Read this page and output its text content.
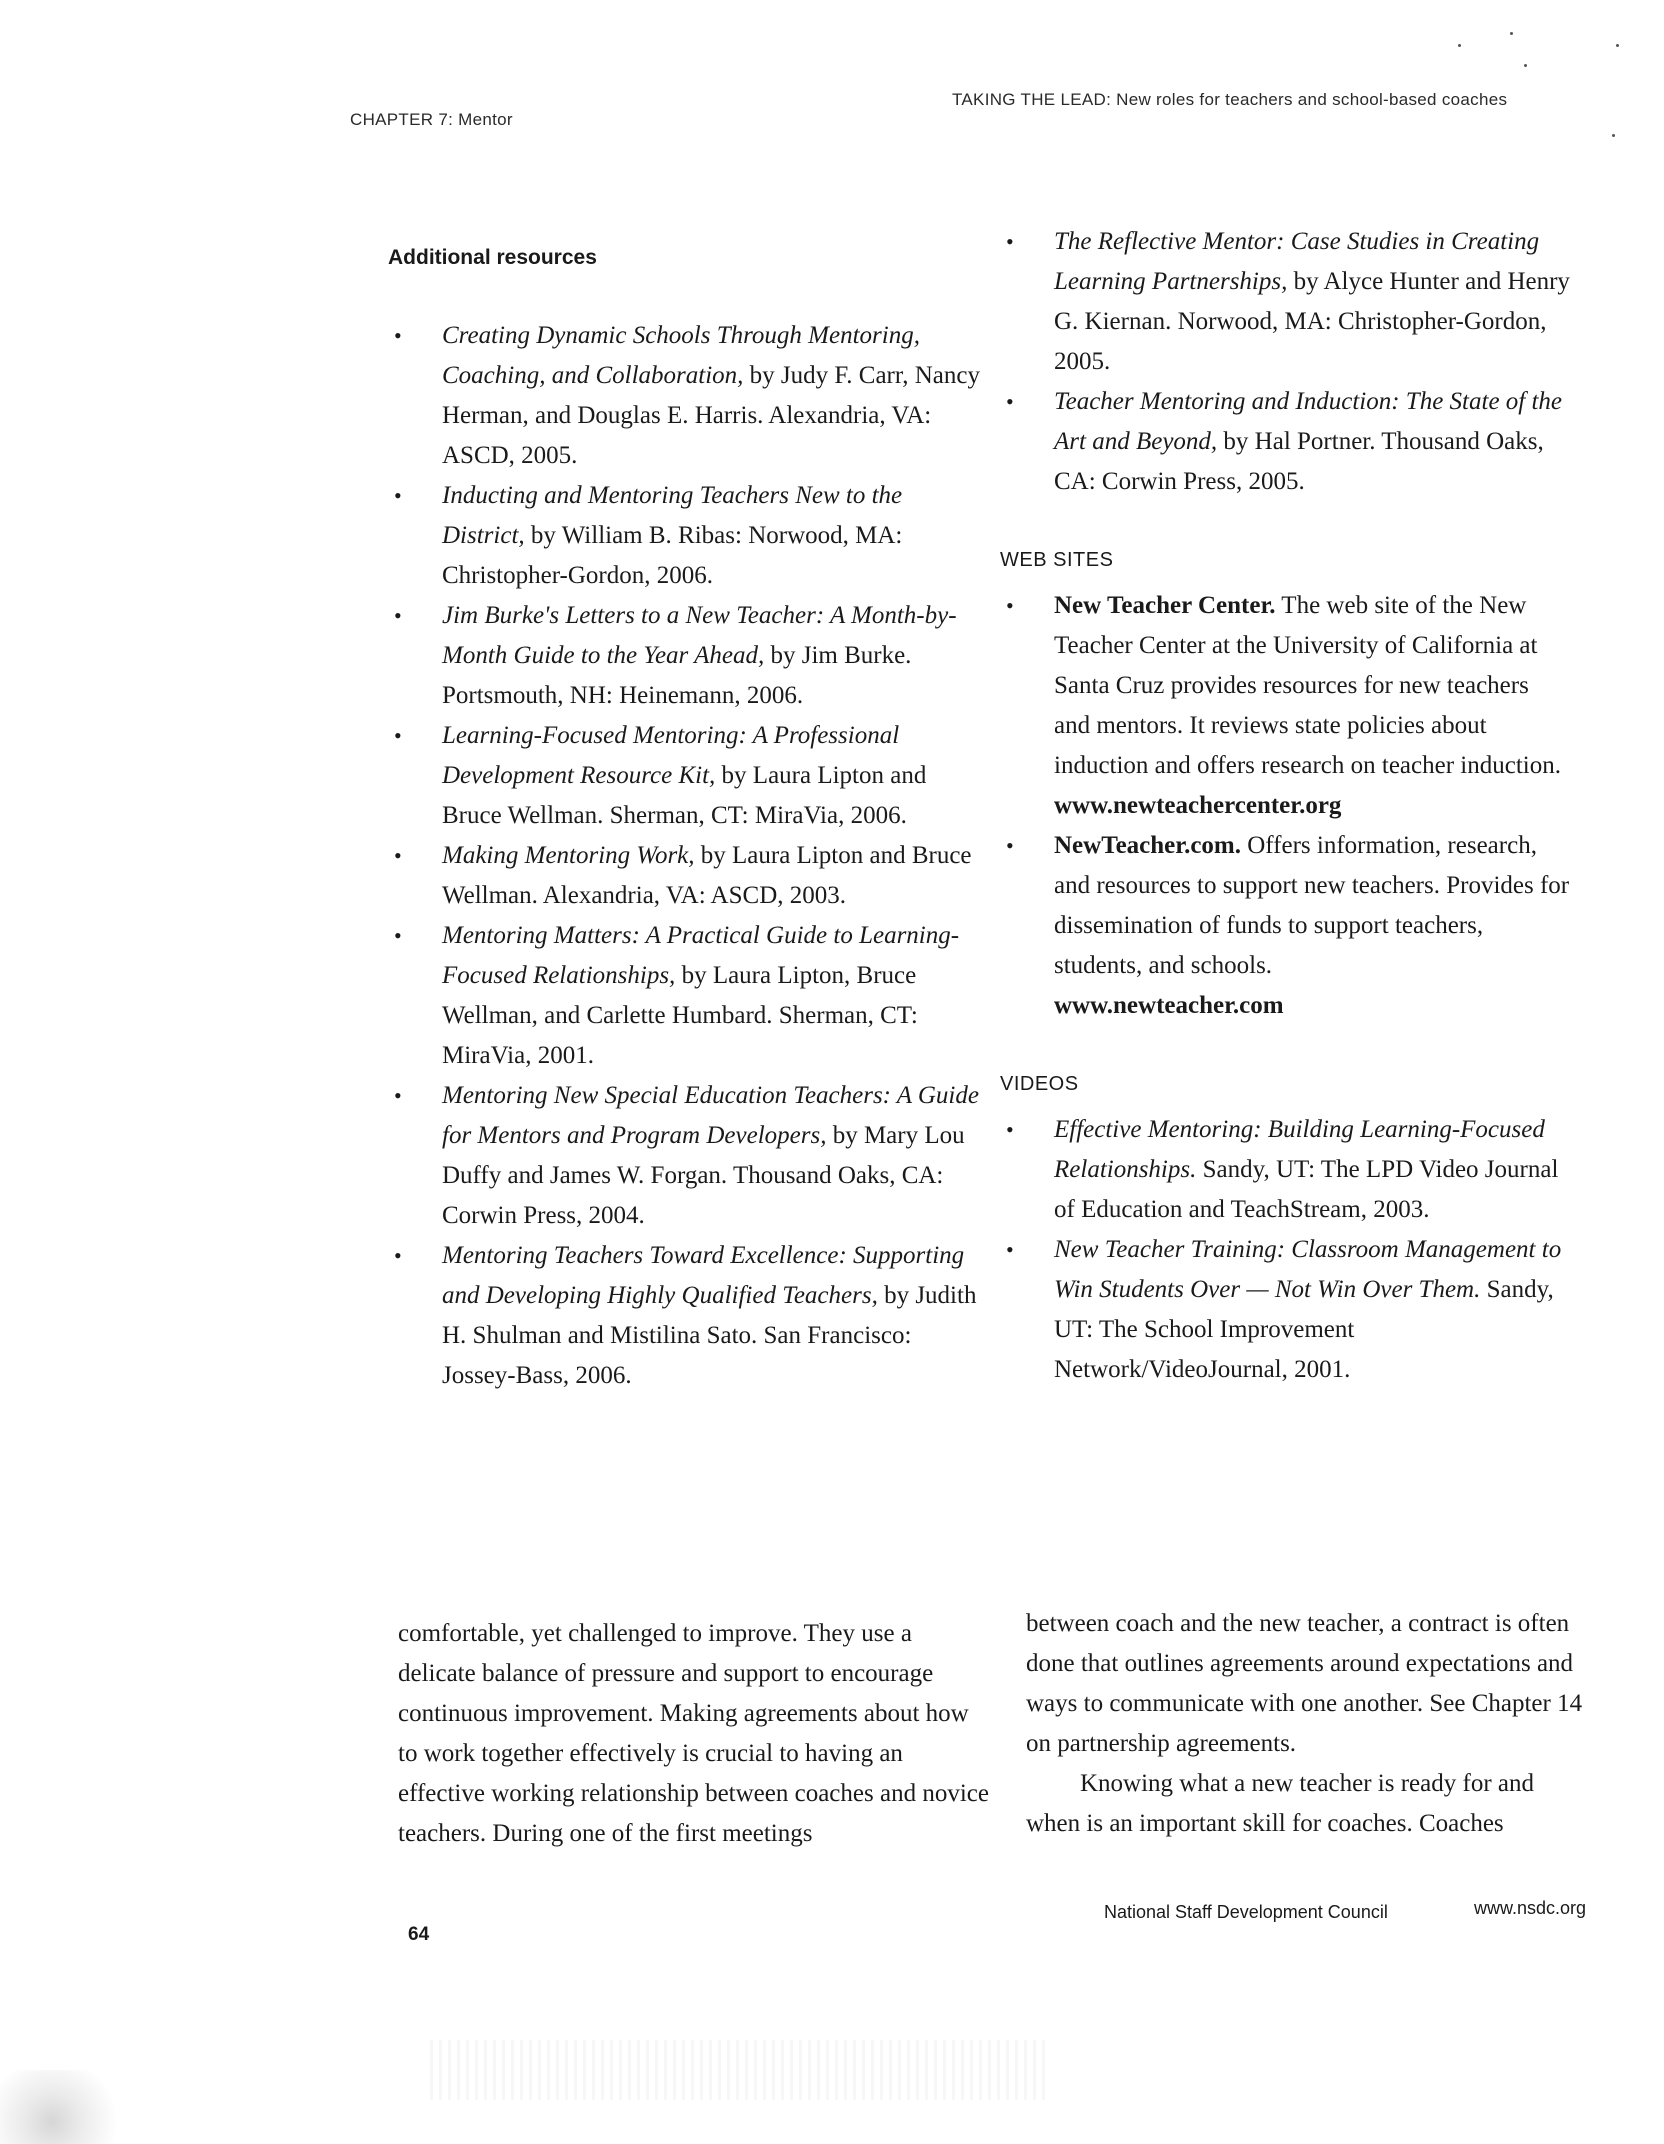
CHAPTER 7: Mentor
TAKING THE LEAD: New roles for teachers and school-based coaches
Additional resources
• Creating Dynamic Schools Through Mentoring, Coaching, and Collaboration, by Judy F. Carr, Nancy Herman, and Douglas E. Harris. Alexandria, VA: ASCD, 2005.
• Inducting and Mentoring Teachers New to the District, by William B. Ribas: Norwood, MA: Christopher-Gordon, 2006.
• Jim Burke's Letters to a New Teacher: A Month-by-Month Guide to the Year Ahead, by Jim Burke. Portsmouth, NH: Heinemann, 2006.
• Learning-Focused Mentoring: A Professional Development Resource Kit, by Laura Lipton and Bruce Wellman. Sherman, CT: MiraVia, 2006.
• Making Mentoring Work, by Laura Lipton and Bruce Wellman. Alexandria, VA: ASCD, 2003.
• Mentoring Matters: A Practical Guide to Learning-Focused Relationships, by Laura Lipton, Bruce Wellman, and Carlette Humbard. Sherman, CT: MiraVia, 2001.
• Mentoring New Special Education Teachers: A Guide for Mentors and Program Developers, by Mary Lou Duffy and James W. Forgan. Thousand Oaks, CA: Corwin Press, 2004.
• Mentoring Teachers Toward Excellence: Supporting and Developing Highly Qualified Teachers, by Judith H. Shulman and Mistilina Sato. San Francisco: Jossey-Bass, 2006.
• The Reflective Mentor: Case Studies in Creating Learning Partnerships, by Alyce Hunter and Henry G. Kiernan. Norwood, MA: Christopher-Gordon, 2005.
• Teacher Mentoring and Induction: The State of the Art and Beyond, by Hal Portner. Thousand Oaks, CA: Corwin Press, 2005.
WEB SITES
• New Teacher Center. The web site of the New Teacher Center at the University of California at Santa Cruz provides resources for new teachers and mentors. It reviews state policies about induction and offers research on teacher induction.
www.newteachercenter.org
• NewTeacher.com. Offers information, research, and resources to support new teachers. Provides for dissemination of funds to support teachers, students, and schools.
www.newteacher.com
VIDEOS
• Effective Mentoring: Building Learning-Focused Relationships. Sandy, UT: The LPD Video Journal of Education and TeachStream, 2003.
• New Teacher Training: Classroom Management to Win Students Over — Not Win Over Them. Sandy, UT: The School Improvement Network/VideoJournal, 2001.

comfortable, yet challenged to improve. They use a delicate balance of pressure and support to encourage continuous improvement. Making agreements about how to work together effectively is crucial to having an effective working relationship between coaches and novice teachers. During one of the first meetings

between coach and the new teacher, a contract is often done that outlines agreements around expectations and ways to communicate with one another. See Chapter 14 on partnership agreements.

Knowing what a new teacher is ready for and when is an important skill for coaches. Coaches

64
National Staff Development Council	www.nsdc.org
